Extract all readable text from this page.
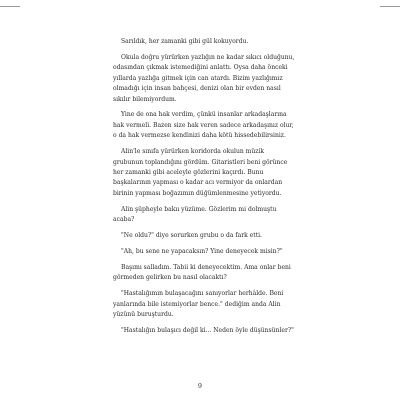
Sarıldık, her zamanki gibi gül kokuyordu.

Okula doğru yürürken yazlığın ne kadar sıkıcı olduğunu, odasından çıkmak istemediğini anlattı. Oysa daha önceki yıllarda yazlığa gitmek için can atardı. Bizim yazlığımız olmadığı için insan bahçesi, denizi olan bir evden nasıl sıkılır bilemiyordum.

Yine de ona hak verdim, çünkü insanlar arkadaşlarına hak vermeli. Bazen size hak veren sadece arkadaşınız olur, o da hak vermezse kendinizi daha kötü hissedebilirsiniz.

Alin'le sınıfa yürürken koridorda okulun müzik grubunun toplandığını gördüm. Gitaristleri beni görünce her zamanki gibi aceleyle gözlerini kaçırdı. Bunu başkalarının yapması o kadar acı vermiyor da onlardan birinin yapması boğazımın düğümlenmesine yetiyordu.

Alin şüpheyle bakıı yüzüme. Gözlerim mi dolmuştu acaba?

"Ne oldu?" diye sorurken grubu o da fark etti.

"Ah, bu sene ne yapacaksın? Yine deneyecek misin?"

Başımı salladım. Tabii ki deneyecektim. Ama onlar beni görmeden gelirken bu nasıl olacaktı?

"Hastalığımın bulaşacağını sanıyorlar herhâlde. Beni yanlarında bile istemiyorlar bence." dediğim anda Alin yüzünü buruşturdu.

"Hastalığın bulaşıcı değil ki... Neden öyle düşünsünler?"

9
